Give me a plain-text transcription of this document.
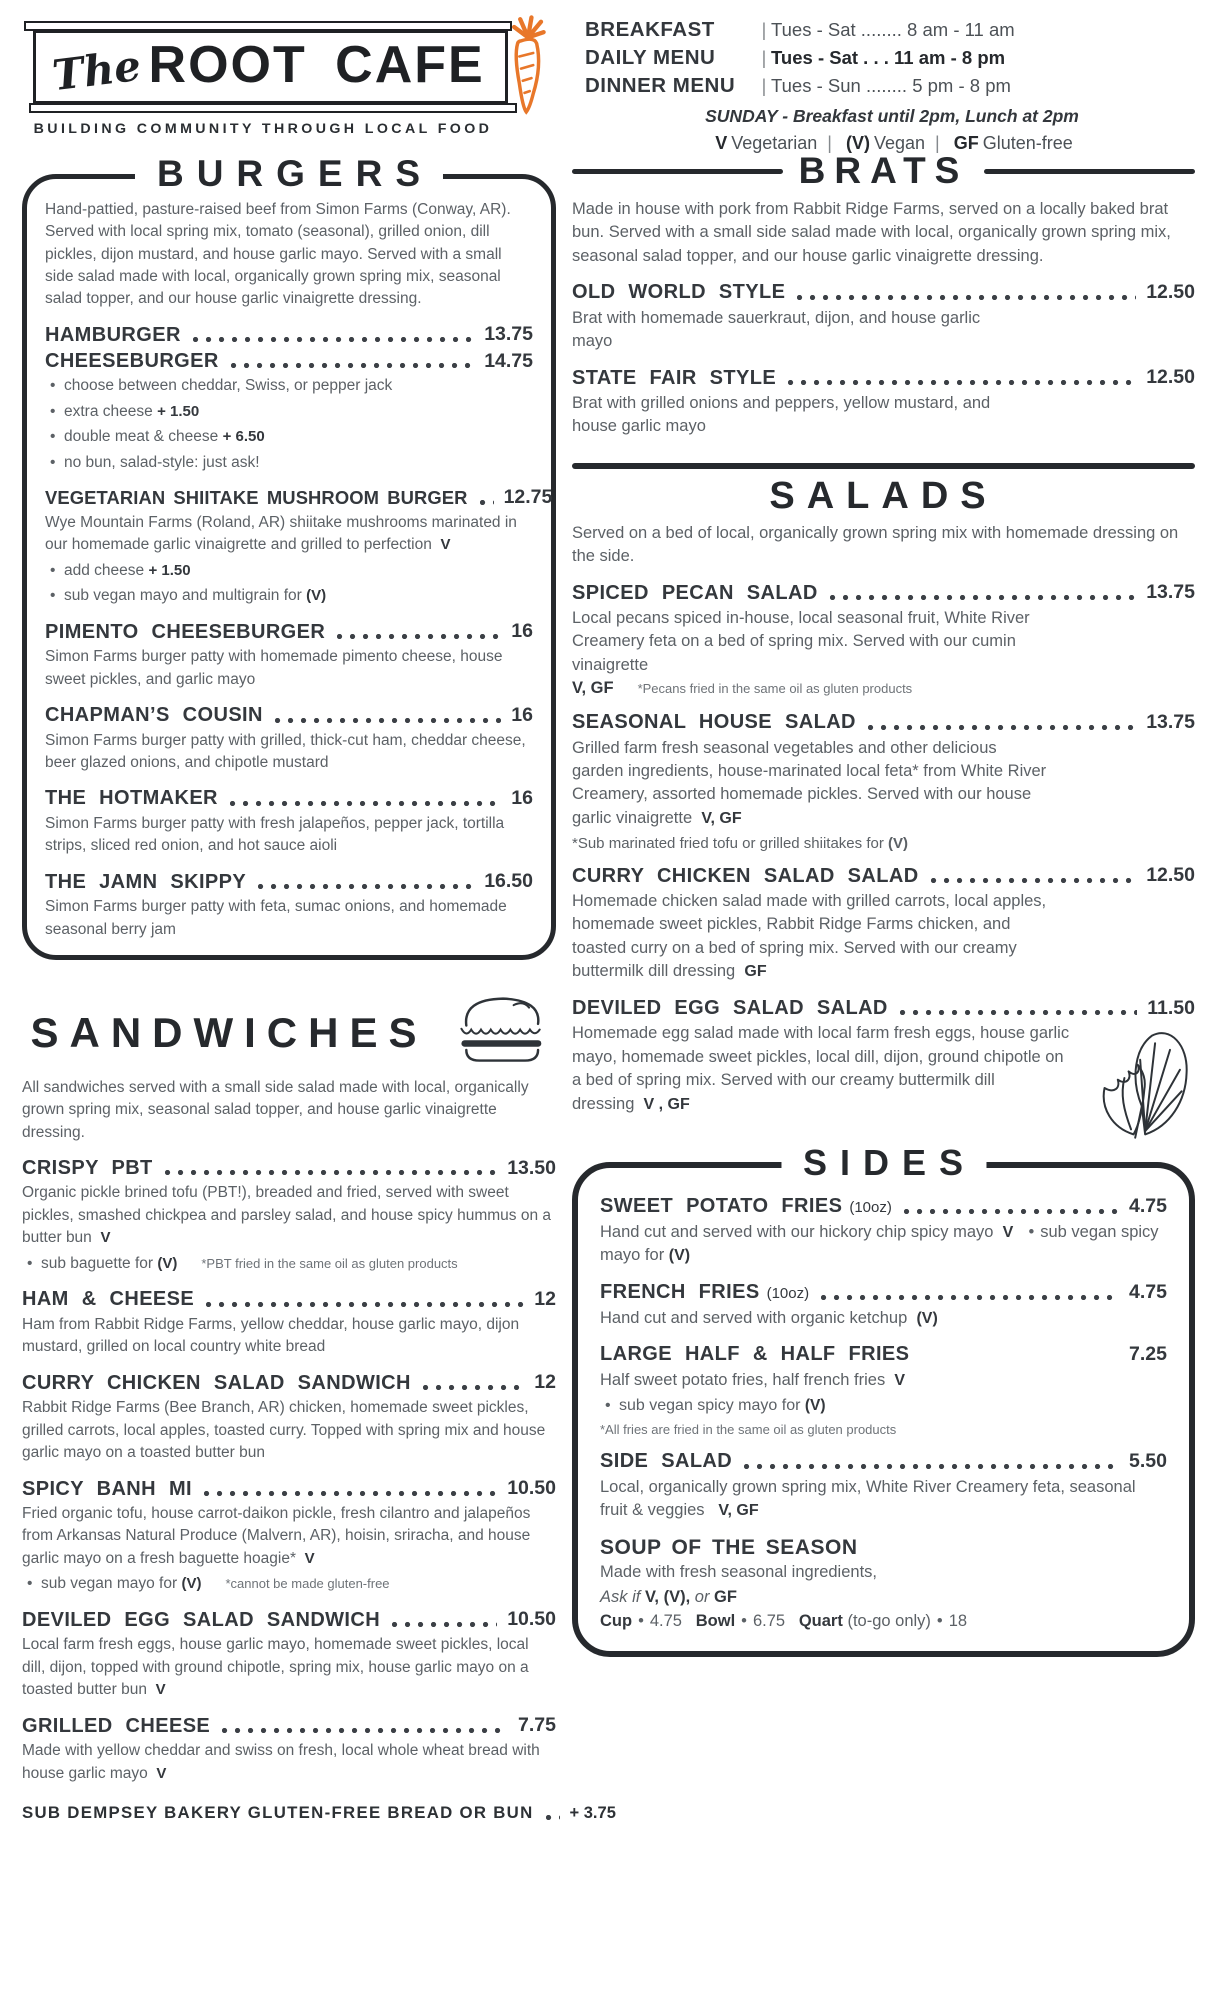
TheROOT CAFE
BUILDING COMMUNITY THROUGH LOCAL FOOD
BREAKFAST	| Tues - Sat ........ 8 am - 11 am
DAILY MENU	| Tues - Sat . . . 11 am - 8 pm
DINNER MENU	| Tues - Sun ........ 5 pm - 8 pm
SUNDAY - Breakfast until 2pm, Lunch at 2pm
V Vegetarian | (V) Vegan | GF Gluten-free
BURGERS

Hand-pattied, pasture-raised beef from Simon Farms (Conway, AR). Served with local spring mix, tomato (seasonal), grilled onion, dill pickles, dijon mustard, and house garlic mayo. Served with a small side salad made with local, organically grown spring mix, seasonal salad topper, and our house garlic vinaigrette dressing.

HAMBURGER	13.75
CHEESEBURGER	14.75
• choose between cheddar, Swiss, or pepper jack
• extra cheese + 1.50
• double meat & cheese + 6.50
• no bun, salad-style: just ask!
VEGETARIAN SHIITAKE MUSHROOM BURGER 12.75

Wye Mountain Farms (Roland, AR) shiitake mushrooms marinated in our homemade garlic vinaigrette and grilled to perfection V

• add cheese + 1.50
• sub vegan mayo and multigrain for (V)
PIMENTO CHEESEBURGER	16

Simon Farms burger patty with homemade pimento cheese, house sweet pickles, and garlic mayo

CHAPMAN’S COUSIN	16

Simon Farms burger patty with grilled, thick-cut ham, cheddar cheese, beer glazed onions, and chipotle mustard

THE HOTMAKER	16

Simon Farms burger patty with fresh jalapeños, pepper jack, tortilla strips, sliced red onion, and hot sauce aioli

THE JAMN SKIPPY	16.50

Simon Farms burger patty with feta, sumac onions, and homemade seasonal berry jam

SANDWICHES

All sandwiches served with a small side salad made with local, organically grown spring mix, seasonal salad topper, and house garlic vinaigrette dressing.

CRISPY PBT	13.50

Organic pickle brined tofu (PBT!), breaded and fried, served with sweet pickles, smashed chickpea and parsley salad, and house spicy hummus on a butter bun V

• sub baguette for (V) *PBT fried in the same oil as gluten products
HAM & CHEESE	12

Ham from Rabbit Ridge Farms, yellow cheddar, house garlic mayo, dijon mustard, grilled on local country white bread

CURRY CHICKEN SALAD SANDWICH	12

Rabbit Ridge Farms (Bee Branch, AR) chicken, homemade sweet pickles, grilled carrots, local apples, toasted curry. Topped with spring mix and house garlic mayo on a toasted butter bun

SPICY BANH MI	10.50

Fried organic tofu, house carrot-daikon pickle, fresh cilantro and jalapeños from Arkansas Natural Produce (Malvern, AR), hoisin, sriracha, and house garlic mayo on a fresh baguette hoagie* V

• sub vegan mayo for (V) *cannot be made gluten-free
DEVILED EGG SALAD SANDWICH	10.50

Local farm fresh eggs, house garlic mayo, homemade sweet pickles, local dill, dijon, topped with ground chipotle, spring mix, house garlic mayo on a toasted butter bun V

GRILLED CHEESE	7.75

Made with yellow cheddar and swiss on fresh, local whole wheat bread with house garlic mayo V

SUB DEMPSEY BAKERY GLUTEN-FREE BREAD OR BUN + 3.75
BRATS

Made in house with pork from Rabbit Ridge Farms, served on a locally baked brat bun. Served with a small side salad made with local, organically grown spring mix, seasonal salad topper, and our house garlic vinaigrette dressing.

OLD WORLD STYLE	12.50

Brat with homemade sauerkraut, dijon, and house garlic mayo

STATE FAIR STYLE	12.50

Brat with grilled onions and peppers, yellow mustard, and house garlic mayo

SALADS

Served on a bed of local, organically grown spring mix with homemade dressing on the side.

SPICED PECAN SALAD	13.75

Local pecans spiced in-house, local seasonal fruit, White River Creamery feta on a bed of spring mix. Served with our cumin vinaigrette

V, GF *Pecans fried in the same oil as gluten products
SEASONAL HOUSE SALAD	13.75

Grilled farm fresh seasonal vegetables and other delicious garden ingredients, house-marinated local feta* from White River Creamery, assorted homemade pickles. Served with our house garlic vinaigrette V, GF

*Sub marinated fried tofu or grilled shiitakes for (V)
CURRY CHICKEN SALAD SALAD	12.50

Homemade chicken salad made with grilled carrots, local apples, homemade sweet pickles, Rabbit Ridge Farms chicken, and toasted curry on a bed of spring mix. Served with our creamy buttermilk dill dressing GF

DEVILED EGG SALAD SALAD	11.50

Homemade egg salad made with local farm fresh eggs, house garlic mayo, homemade sweet pickles, local dill, dijon, ground chipotle on a bed of spring mix. Served with our creamy buttermilk dill dressing V , GF

SIDES
SWEET POTATO FRIES (10oz)	4.75

Hand cut and served with our hickory chip spicy mayo V • sub vegan spicy mayo for (V)

FRENCH FRIES (10oz)	4.75

Hand cut and served with organic ketchup (V)

LARGE HALF & HALF FRIES	7.25

Half sweet potato fries, half french fries V

• sub vegan spicy mayo for (V)
*All fries are fried in the same oil as gluten products
SIDE SALAD	5.50

Local, organically grown spring mix, White River Creamery feta, seasonal fruit & veggies V, GF

SOUP OF THE SEASON

Made with fresh seasonal ingredients,

Ask if V, (V), or GF
Cup • 4.75 Bowl • 6.75 Quart (to-go only) • 18
